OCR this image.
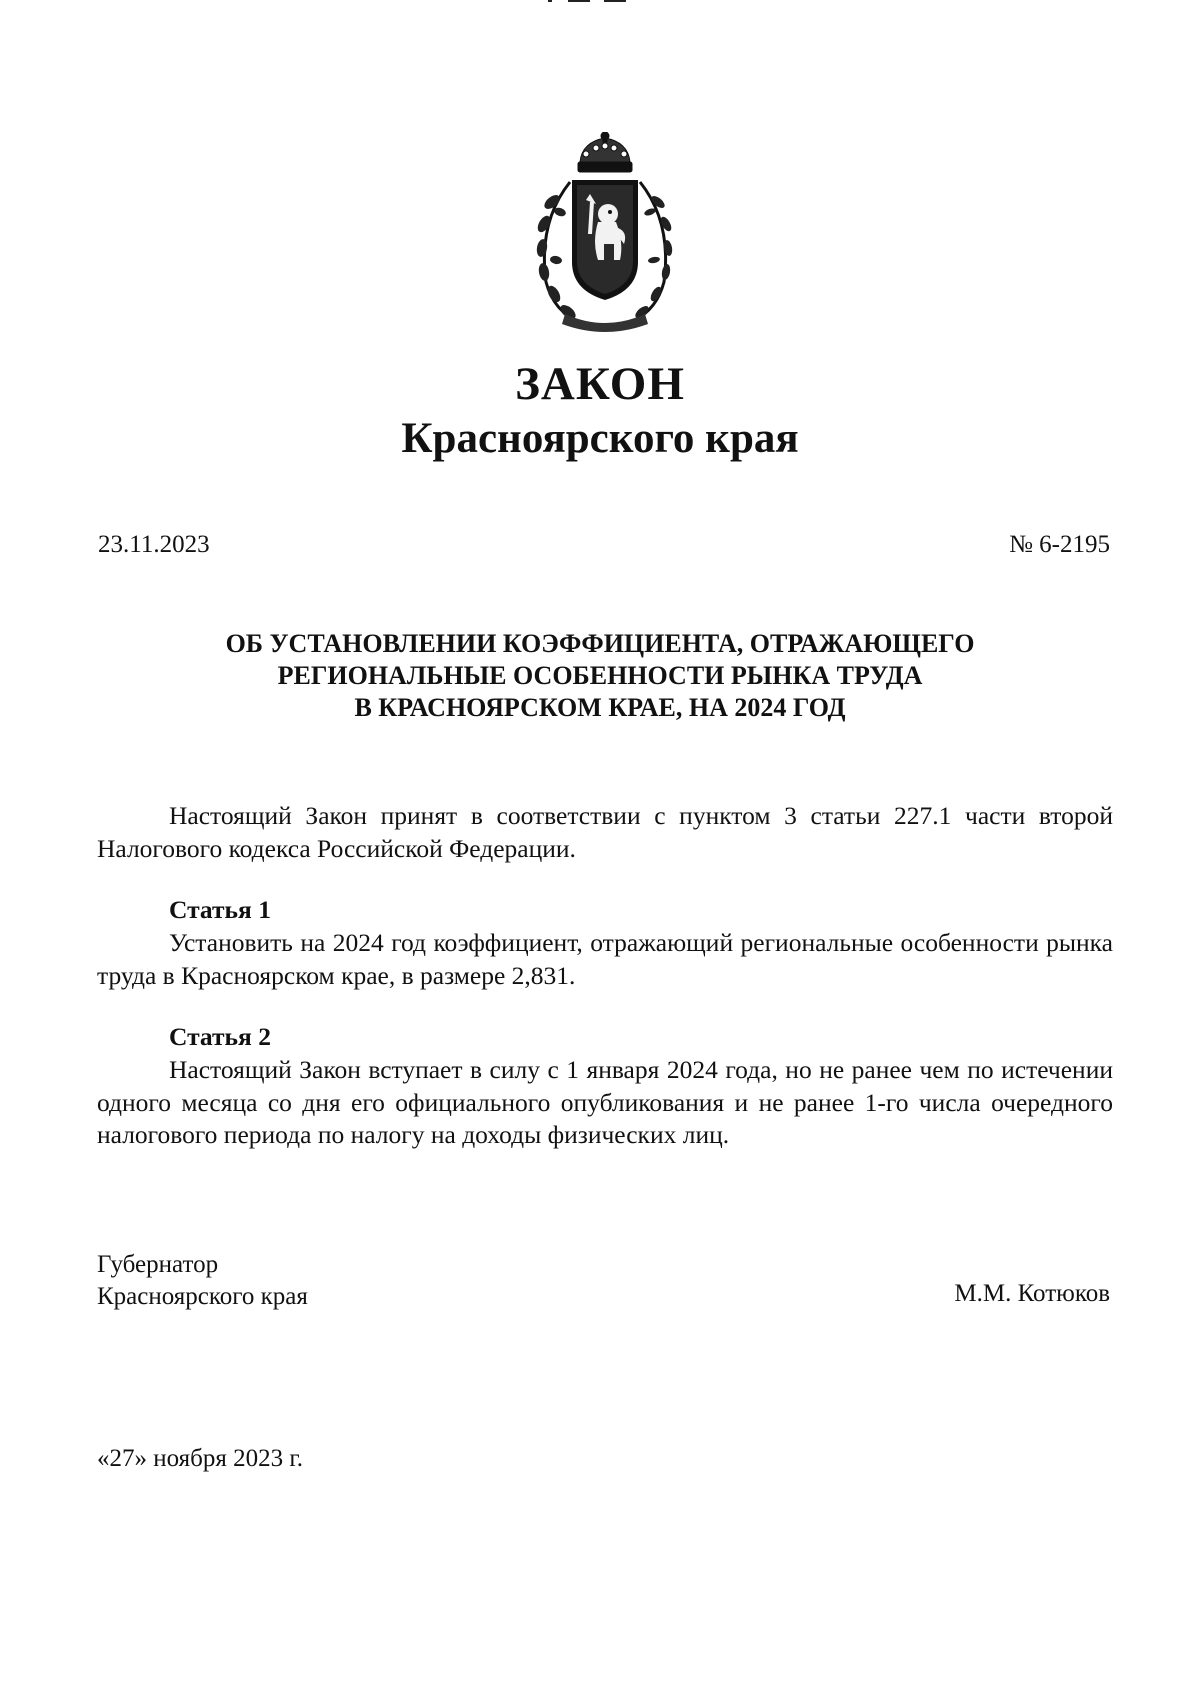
ЗАКОН
Красноярского края
23.11.2023	№ 6-2195
ОБ УСТАНОВЛЕНИИ КОЭФФИЦИЕНТА, ОТРАЖАЮЩЕГО
РЕГИОНАЛЬНЫЕ ОСОБЕННОСТИ РЫНКА ТРУДА
В КРАСНОЯРСКОМ КРАЕ, НА 2024 ГОД
Настоящий Закон принят в соответствии с пунктом 3 статьи 227.1 части второй Налогового кодекса Российской Федерации.
Статья 1
Установить на 2024 год коэффициент, отражающий региональные особенности рынка труда в Красноярском крае, в размере 2,831.
Статья 2
Настоящий Закон вступает в силу с 1 января 2024 года, но не ранее чем по истечении одного месяца со дня его официального опубликования и не ранее 1-го числа очередного налогового периода по налогу на доходы физических лиц.
Губернатор
Красноярского края	М.М. Котюков
«27» ноября 2023 г.
